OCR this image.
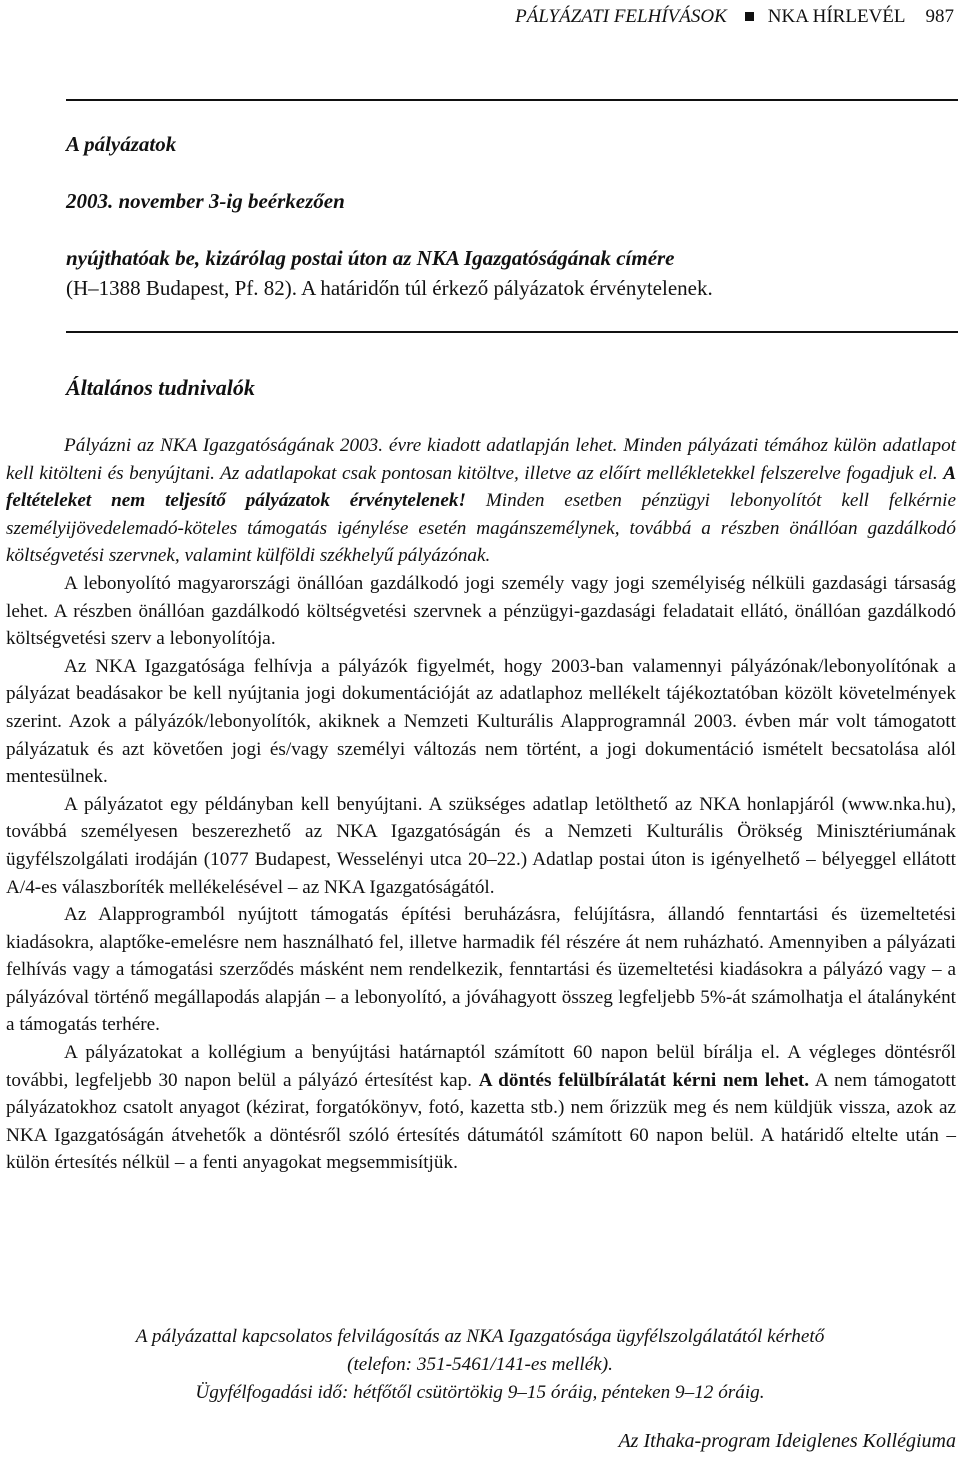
PÁLYÁZATI FELHÍVÁSOK NKA HÍRLEVÉL 987
A pályázatok
2003. november 3-ig beérkezően
nyújthatóak be, kizárólag postai úton az NKA Igazgatóságának címére
(H–1388 Budapest, Pf. 82). A határidőn túl érkező pályázatok érvénytelenek.
Általános tudnivalók

Pályázni az NKA Igazgatóságának 2003. évre kiadott adatlapján lehet. Minden pályázati témához külön adatlapot kell kitölteni és benyújtani. Az adatlapokat csak pontosan kitöltve, illetve az előírt mellékletekkel felszerelve fogadjuk el. A feltételeket nem teljesítő pályázatok érvénytelenek! Minden esetben pénzügyi lebonyolítót kell felkérnie személyijövedelemadó-köteles támogatás igénylése esetén magánszemélynek, továbbá a részben önállóan gazdálkodó költségvetési szervnek, valamint külföldi székhelyű pályázónak.

A lebonyolító magyarországi önállóan gazdálkodó jogi személy vagy jogi személyiség nélküli gazdasági társaság lehet. A részben önállóan gazdálkodó költségvetési szervnek a pénzügyi-gazdasági feladatait ellátó, önállóan gazdálkodó költségvetési szerv a lebonyolítója.

Az NKA Igazgatósága felhívja a pályázók figyelmét, hogy 2003-ban valamennyi pályázónak/lebonyolítónak a pályázat beadásakor be kell nyújtania jogi dokumentációját az adatlaphoz mellékelt tájékoztatóban közölt követelmények szerint. Azok a pályázók/lebonyolítók, akiknek a Nemzeti Kulturális Alapprogramnál 2003. évben már volt támogatott pályázatuk és azt követően jogi és/vagy személyi változás nem történt, a jogi dokumentáció ismételt becsatolása alól mentesülnek.

A pályázatot egy példányban kell benyújtani. A szükséges adatlap letölthető az NKA honlapjáról (www.nka.hu), továbbá személyesen beszerezhető az NKA Igazgatóságán és a Nemzeti Kulturális Örökség Minisztériumának ügyfélszolgálati irodáján (1077 Budapest, Wesselényi utca 20–22.) Adatlap postai úton is igényelhető – bélyeggel ellátott A/4-es válaszboríték mellékelésével – az NKA Igazgatóságától.

Az Alapprogramból nyújtott támogatás építési beruházásra, felújításra, állandó fenntartási és üzemeltetési kiadásokra, alaptőke-emelésre nem használható fel, illetve harmadik fél részére át nem ruházható. Amennyiben a pályázati felhívás vagy a támogatási szerződés másként nem rendelkezik, fenntartási és üzemeltetési kiadásokra a pályázó vagy – a pályázóval történő megállapodás alapján – a lebonyolító, a jóváhagyott összeg legfeljebb 5%-át számolhatja el átalányként a támogatás terhére.

A pályázatokat a kollégium a benyújtási határnaptól számított 60 napon belül bírálja el. A végleges döntésről további, legfeljebb 30 napon belül a pályázó értesítést kap. A döntés felülbírálatát kérni nem lehet. A nem támogatott pályázatokhoz csatolt anyagot (kézirat, forgatókönyv, fotó, kazetta stb.) nem őrizzük meg és nem küldjük vissza, azok az NKA Igazgatóságán átvehetők a döntésről szóló értesítés dátumától számított 60 napon belül. A határidő eltelte után – külön értesítés nélkül – a fenti anyagokat megsemmisítjük.

A pályázattal kapcsolatos felvilágosítás az NKA Igazgatósága ügyfélszolgálatától kérhető
(telefon: 351-5461/141-es mellék).
Ügyfélfogadási idő: hétfőtől csütörtökig 9–15 óráig, pénteken 9–12 óráig.
Az Ithaka-program Ideiglenes Kollégiuma
